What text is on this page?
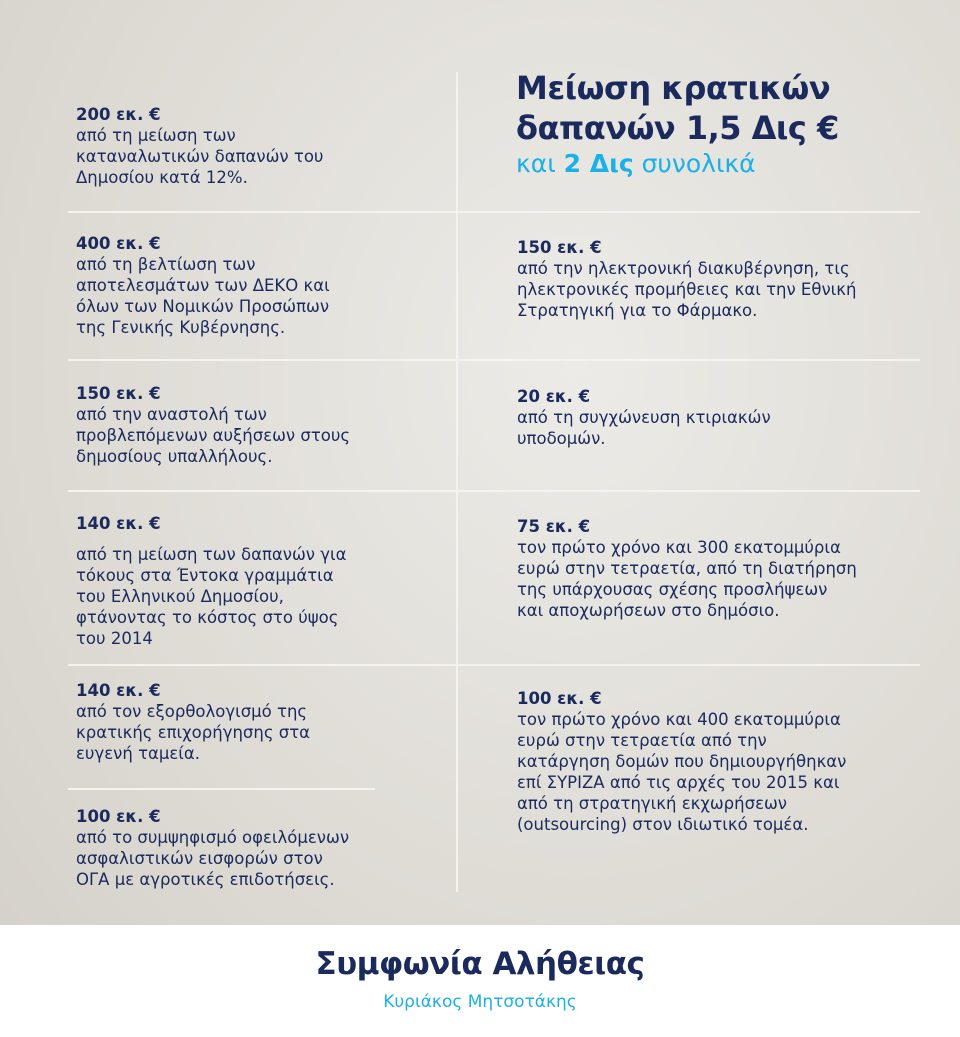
Μείωση κρατικών
δαπανών 1,5 Δις €
και 2 Δις συνολικά
200 εκ. €
από τη μείωση των
καταναλωτικών δαπανών του
Δημοσίου κατά 12%.
400 εκ. €
από τη βελτίωση των
αποτελεσμάτων των ΔΕΚΟ και
όλων των Νομικών Προσώπων
της Γενικής Κυβέρνησης.
150 εκ. €
από την αναστολή των
προβλεπόμενων αυξήσεων στους
δημοσίους υπαλλήλους.
140 εκ. €
από τη μείωση των δαπανών για
τόκους στα Έντοκα γραμμάτια
του Ελληνικού Δημοσίου,
φτάνοντας το κόστος στο ύψος
του 2014
140 εκ. €
από τον εξορθολογισμό της
κρατικής επιχορήγησης στα
ευγενή ταμεία.
100 εκ. €
από το συμψηφισμό οφειλόμενων
ασφαλιστικών εισφορών στον
ΟΓΑ με αγροτικές επιδοτήσεις.
150 εκ. €
από την ηλεκτρονική διακυβέρνηση, τις
ηλεκτρονικές προμήθειες και την Εθνική
Στρατηγική για το Φάρμακο.
20 εκ. €
από τη συγχώνευση κτιριακών
υποδομών.
75 εκ. €
τον πρώτο χρόνο και 300 εκατομμύρια
ευρώ στην τετραετία, από τη διατήρηση
της υπάρχουσας σχέσης προσλήψεων
και αποχωρήσεων στο δημόσιο.
100 εκ. €
τον πρώτο χρόνο και 400 εκατομμύρια
ευρώ στην τετραετία από την
κατάργηση δομών που δημιουργήθηκαν
επί ΣΥΡΙΖΑ από τις αρχές του 2015 και
από τη στρατηγική εκχωρήσεων
(outsourcing) στον ιδιωτικό τομέα.
Συμφωνία Αλήθειας
Κυριάκος Μητσοτάκης
